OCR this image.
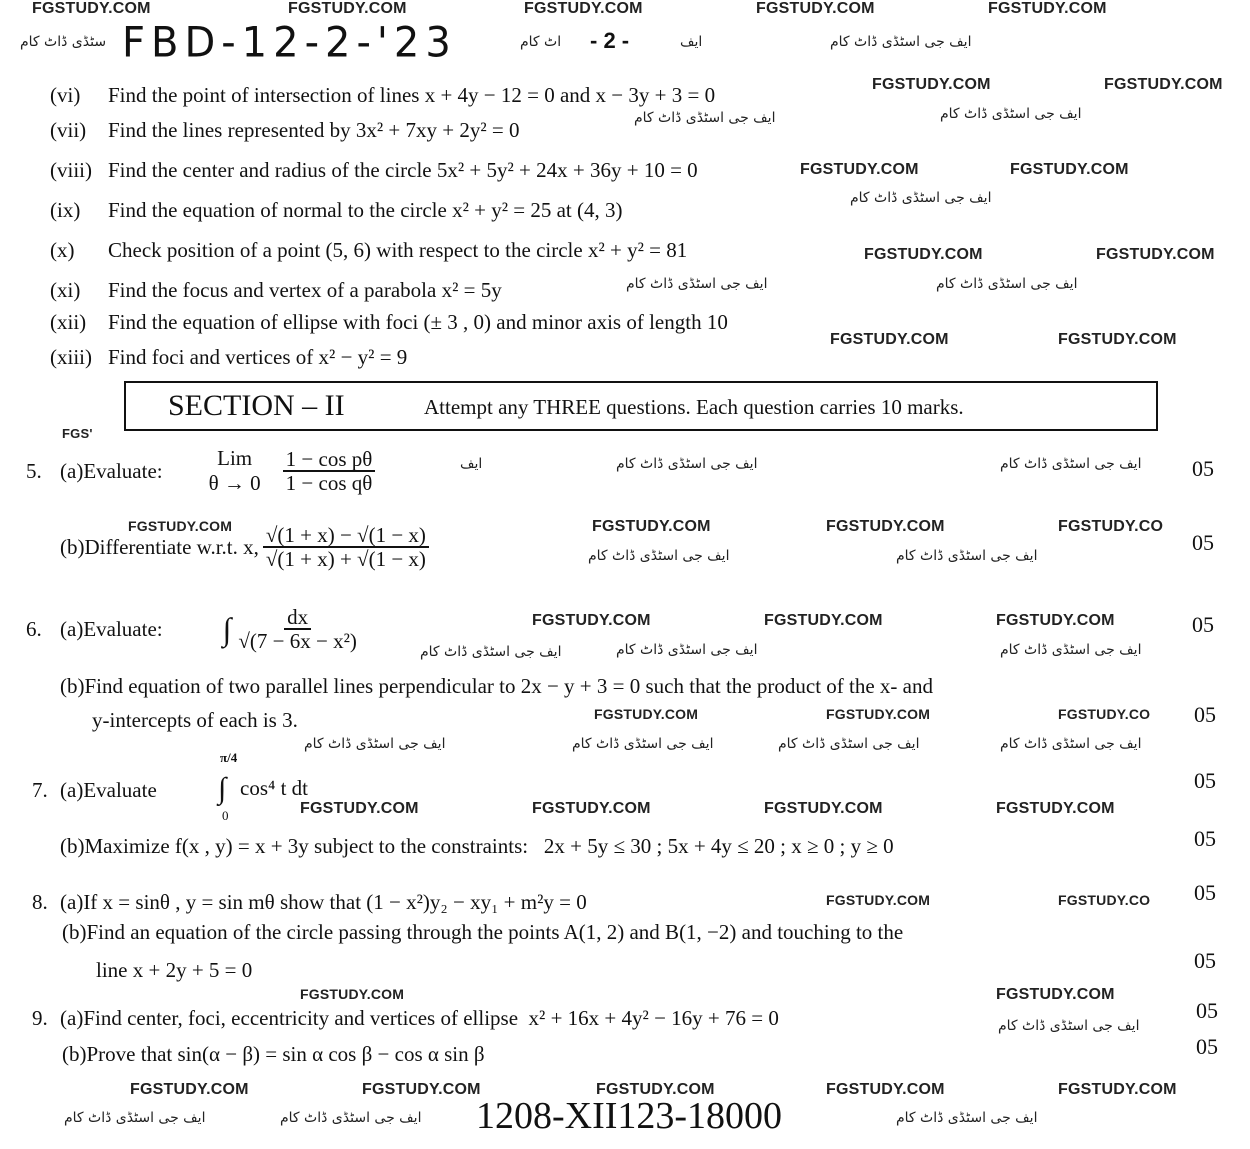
FGSTUDY.COM	FGSTUDY.COM	FGSTUDY.COM	FGSTUDY.COM	FGSTUDY.COM
سٹڈی ڈاٹ کام FBD-12-2-'23	اٹ کام - 2 -	ایف	ایف جی اسٹڈی ڈاٹ کام
(vi) Find the point of intersection of lines x + 4y − 12 = 0 and x − 3y + 3 = 0	FGSTUDY.COM	FGSTUDY.COM
(vii) Find the lines represented by 3x² + 7xy + 2y² = 0	ایف جی اسٹڈی ڈاٹ کام	ایف جی اسٹڈی ڈاٹ کام
(viii) Find the center and radius of the circle 5x² + 5y² + 24x + 36y + 10 = 0	FGSTUDY.COM	FGSTUDY.COM
(ix) Find the equation of normal to the circle x² + y² = 25 at (4, 3)	ایف جی اسٹڈی ڈاٹ کام
(x) Check position of a point (5, 6) with respect to the circle x² + y² = 81	FGSTUDY.COM	FGSTUDY.COM
(xi) Find the focus and vertex of a parabola x² = 5y	ایف جی اسٹڈی ڈاٹ کام	ایف جی اسٹڈی ڈاٹ کام
(xii) Find the equation of ellipse with foci (± 3 , 0) and minor axis of length 10
(xiii) Find foci and vertices of x² − y² = 9
FGSTUDY.COM	FGSTUDY.COM
FGS'
SECTION – II	Attempt any THREE questions. Each question carries 10 marks.
5. (a) Evaluate:
Lim
$\theta \to 0 \frac{\text{1 − cos pθ}}{\text{1 − cos qθ}}$	ایف	ایف جی اسٹڈی ڈاٹ کام	ایف جی اسٹڈی ڈاٹ کام 05
FGSTUDY.COM
(b) Differentiate w.r.t. x, $\frac{√(1 + x) - √(1 - x)}{√(1 + x) + √(1 - x)}$	FGSTUDY.COM	FGSTUDY.COM	FGSTUDY.CO
ایف جی اسٹڈی ڈاٹ کام	ایف جی اسٹڈی ڈاٹ کام
05
6. (a) Evaluate: ∫ $\frac{dx}{\text{√(7 − 6x − x²)}}$	ایف جی اسٹڈی ڈاٹ کام
FGSTUDY.COM	FGSTUDY.COM	FGSTUDY.COM
ایف جی اسٹڈی ڈاٹ کام	ایف جی اسٹڈی ڈاٹ کام
05
(b)Find equation of two parallel lines perpendicular to 2x − y + 3 = 0 such that the product of the x- and
y-intercepts of each is 3.	FGSTUDY.COM	FGSTUDY.COM	FGSTUDY.CO 05
ایف جی اسٹڈی ڈاٹ کام	ایف جی اسٹڈی ڈاٹ کام	ایف جی اسٹڈی ڈاٹ کام	ایف جی اسٹڈی ڈاٹ کام
7. (a)Evaluate
π/4
∫
0
cos⁴ t dt
FGSTUDY.COM	FGSTUDY.COM	FGSTUDY.COM	FGSTUDY.COM
05
(b)Maximize f(x , y) = x + 3y subject to the constraints: 2x + 5y ≤ 30 ; 5x + 4y ≤ 20 ; x ≥ 0 ; y ≥ 0	05
8. (a)If x = sinθ , y = sin mθ show that (1 − x²)y₂ − xy₁ + m²y = 0	FGSTUDY.COM	FGSTUDY.CO 05
(b)Find an equation of the circle passing through the points A(1, 2) and B(1, −2) and touching to the
line x + 2y + 5 = 0	05
FGSTUDY.COM	FGSTUDY.COM
9. (a)Find center, foci, eccentricity and vertices of ellipse x² + 16x + 4y² − 16y + 76 = 0	ایف جی اسٹڈی ڈاٹ کام
05
(b)Prove that sin(α − β) = sin α cos β − cos α sin β	05
FGSTUDY.COM	FGSTUDY.COM	FGSTUDY.COM	FGSTUDY.COM	FGSTUDY.COM
ایف جی اسٹڈی ڈاٹ کام	ایف جی اسٹڈی ڈاٹ کام 1208-XII123-18000	ایف جی اسٹڈی ڈاٹ کام
